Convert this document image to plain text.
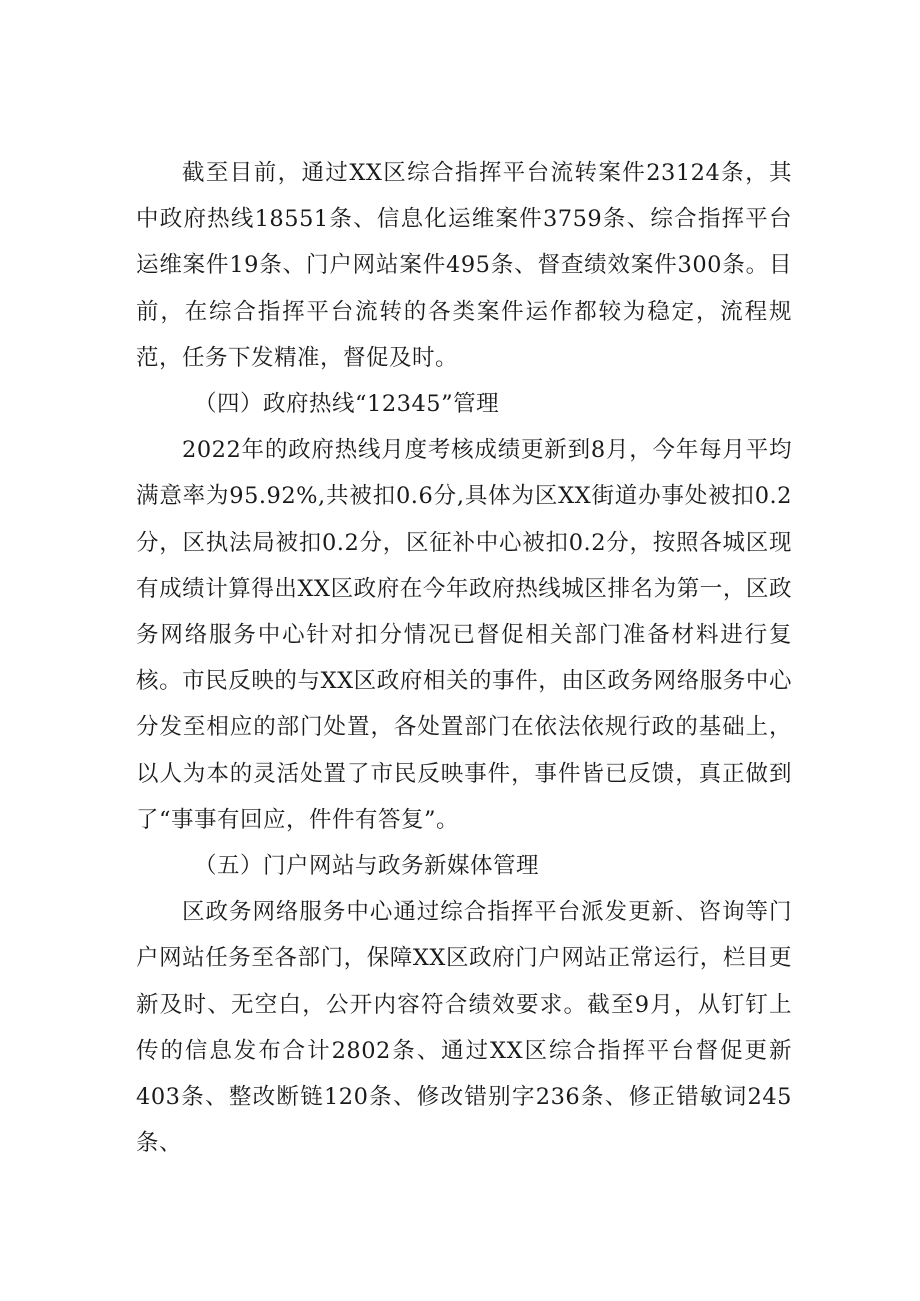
截至目前，通过XX区综合指挥平台流转案件23124条，其中政府热线18551条、信息化运维案件3759条、综合指挥平台运维案件19条、门户网站案件495条、督查绩效案件300条。目前，在综合指挥平台流转的各类案件运作都较为稳定，流程规范，任务下发精准，督促及时。

（四）政府热线“12345”管理

2022年的政府热线月度考核成绩更新到8月，今年每月平均满意率为95.92%,共被扣0.6分,具体为区XX街道办事处被扣0.2分，区执法局被扣0.2分，区征补中心被扣0.2分，按照各城区现有成绩计算得出XX区政府在今年政府热线城区排名为第一，区政务网络服务中心针对扣分情况已督促相关部门准备材料进行复核。市民反映的与XX区政府相关的事件，由区政务网络服务中心分发至相应的部门处置，各处置部门在依法依规行政的基础上，以人为本的灵活处置了市民反映事件，事件皆已反馈，真正做到了“事事有回应，件件有答复”。

（五）门户网站与政务新媒体管理

区政务网络服务中心通过综合指挥平台派发更新、咨询等门户网站任务至各部门，保障XX区政府门户网站正常运行，栏目更新及时、无空白，公开内容符合绩效要求。截至9月，从钉钉上传的信息发布合计2802条、通过XX区综合指挥平台督促更新403条、整改断链120条、修改错别字236条、修正错敏词245条、
